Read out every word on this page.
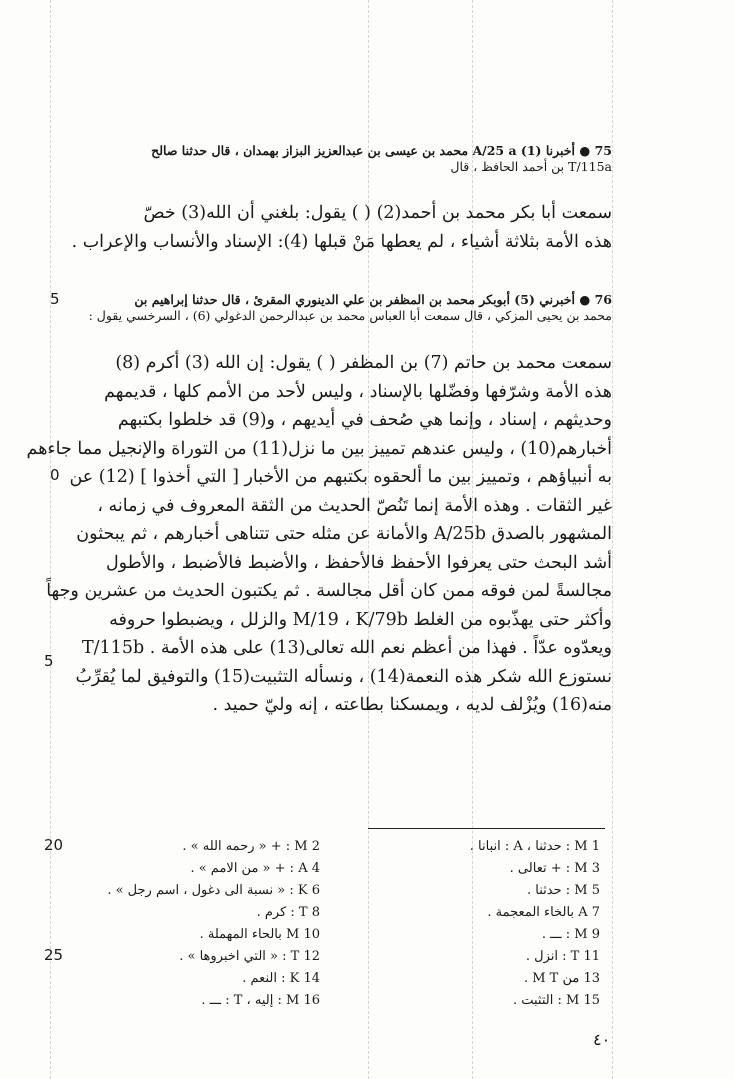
75 ● أخبرنا (1) A/25 a محمد بن عيسى بن عبدالعزيز البزاز بهمدان ، قال حدثنا صالح
T/115a بن أحمد الحافظ ، قال
سمعت أبا بكر محمد بن أحمد(2) ( ) يقول: بلغني أن الله(3) خصّ
هذه الأمة بثلاثة أشياء ، لم يعطها مَنْ قبلها (4): الإسناد والأنساب والإعراب .
76 ● أخبرني (5) أبوبكر محمد بن المظفر بن علي الدينوري المقرئ ، قال حدثنا إبراهيم بن
محمد بن يحيى المزكي ، قال سمعت أبا العباس محمد بن عبدالرحمن الدغولي (6) ، السرخسي يقول :
سمعت محمد بن حاتم (7) بن المظفر ( ) يقول: إن الله (3) أكرم (8)
هذه الأمة وشرّفها وفضّلها بالإسناد ، وليس لأحد من الأمم كلها ، قديمهم
وحديثهم ، إسناد ، وإنما هي صُحف في أيديهم ، و(9) قد خلطوا بكتبهم
أخبارهم(10) ، وليس عندهم تمييز بين ما نزل(11) من التوراة والإنجيل مما جاءهم
به أنبياؤهم ، وتمييز بين ما ألحقوه بكتبهم من الأخبار [ التي أخذوا ] (12) عن
غير الثقات . وهذه الأمة إنما تَنُصّ الحديث من الثقة المعروف في زمانه ،
المشهور بالصدق A/25b والأمانة عن مثله حتى تتناهى أخبارهم ، ثم يبحثون
أشد البحث حتى يعرفوا الأحفظ فالأحفظ ، والأضبط فالأضبط ، والأطول
مجالسةً لمن فوقه ممن كان أقل مجالسة . ثم يكتبون الحديث من عشرين وجهاً
وأكثر حتى يهذّبوه من الغلط M/19 ، K/79b والزلل ، ويضبطوا حروفه
ويعدّوه عدّاً . فهذا من أعظم نعم الله تعالى(13) على هذه الأمة . T/115b
نستوزع الله شكر هذه النعمة(14) ، ونسأله التثبيت(15) والتوفيق لما يُقرِّبُ
منه(16) ويُزْلف لديه ، ويمسكنا بطاعته ، إنه وليّ حميد .
5
0
5
20
25
1 M : حدثنا ، A : انبانا .
3 M : + تعالى .
5 M : حدثنا .
7 A بالخاء المعجمة .
9 M : ـــ .
11 T : انزل .
13 من M T .
15 M : التثبت .
2 M : + « رحمه الله » .
4 A : + « من الامم » .
6 K : « نسبة الى دغول ، اسم رجل » .
8 T : كرم .
10 M بالحاء المهملة .
12 T : « التي اخبروها » .
14 K : النعم .
16 M : إليه ، T : ـــ .
٤٠
